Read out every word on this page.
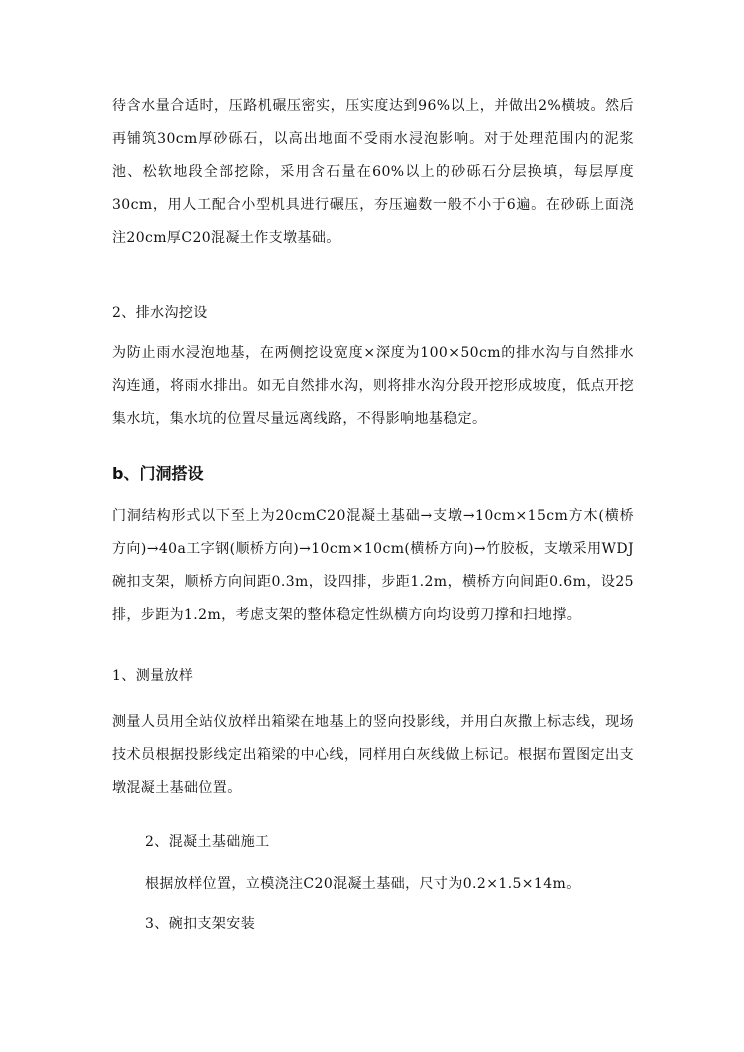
待含水量合适时，压路机碾压密实，压实度达到96%以上，并做出2%横坡。然后再铺筑30cm厚砂砾石，以高出地面不受雨水浸泡影响。对于处理范围内的泥浆池、松软地段全部挖除，采用含石量在60%以上的砂砾石分层换填，每层厚度30cm，用人工配合小型机具进行碾压，夯压遍数一般不小于6遍。在砂砾上面浇注20cm厚C20混凝土作支墩基础。

2、排水沟挖设

为防止雨水浸泡地基，在两侧挖设宽度×深度为100×50cm的排水沟与自然排水沟连通，将雨水排出。如无自然排水沟，则将排水沟分段开挖形成坡度，低点开挖集水坑，集水坑的位置尽量远离线路，不得影响地基稳定。

b、门洞搭设

门洞结构形式以下至上为20cmC20混凝土基础→支墩→10cm×15cm方木(横桥方向)→40a工字钢(顺桥方向)→10cm×10cm(横桥方向)→竹胶板，支墩采用WDJ碗扣支架，顺桥方向间距0.3m，设四排，步距1.2m，横桥方向间距0.6m，设25排，步距为1.2m，考虑支架的整体稳定性纵横方向均设剪刀撑和扫地撑。

1、测量放样

测量人员用全站仪放样出箱梁在地基上的竖向投影线，并用白灰撒上标志线，现场技术员根据投影线定出箱梁的中心线，同样用白灰线做上标记。根据布置图定出支墩混凝土基础位置。

2、混凝土基础施工

根据放样位置，立模浇注C20混凝土基础，尺寸为0.2×1.5×14m。

3、碗扣支架安装
